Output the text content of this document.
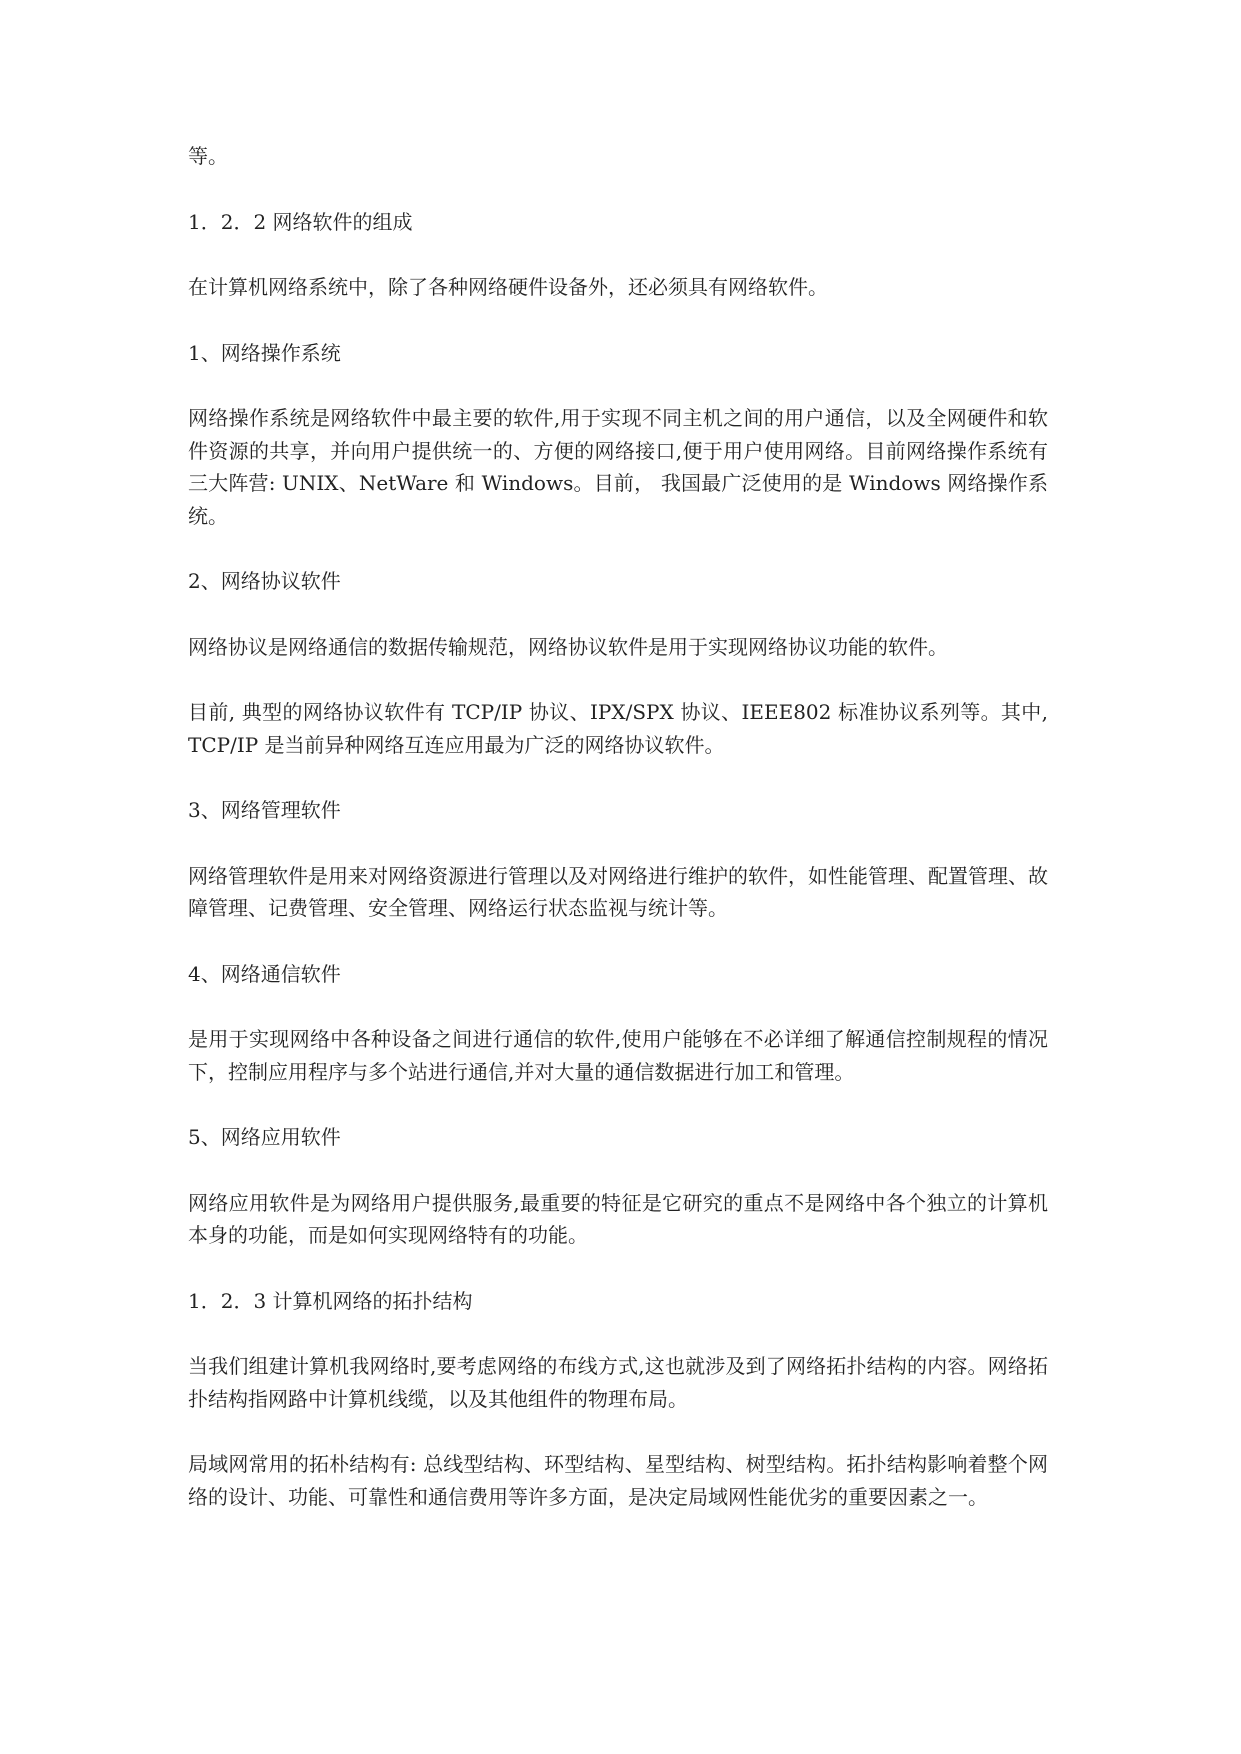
等。
1．2．2 网络软件的组成
在计算机网络系统中，除了各种网络硬件设备外，还必须具有网络软件。
1、网络操作系统
网络操作系统是网络软件中最主要的软件,用于实现不同主机之间的用户通信，以及全网硬件和软件资源的共享，并向用户提供统一的、方便的网络接口,便于用户使用网络。目前网络操作系统有三大阵营: UNIX、NetWare 和 Windows。目前， 我国最广泛使用的是 Windows 网络操作系统。
2、网络协议软件
网络协议是网络通信的数据传输规范，网络协议软件是用于实现网络协议功能的软件。
目前, 典型的网络协议软件有 TCP/IP 协议、IPX/SPX 协议、IEEE802 标准协议系列等。其中, TCP/IP 是当前异种网络互连应用最为广泛的网络协议软件。
3、网络管理软件
网络管理软件是用来对网络资源进行管理以及对网络进行维护的软件，如性能管理、配置管理、故障管理、记费管理、安全管理、网络运行状态监视与统计等。
4、网络通信软件
是用于实现网络中各种设备之间进行通信的软件,使用户能够在不必详细了解通信控制规程的情况下，控制应用程序与多个站进行通信,并对大量的通信数据进行加工和管理。
5、网络应用软件
网络应用软件是为网络用户提供服务,最重要的特征是它研究的重点不是网络中各个独立的计算机本身的功能，而是如何实现网络特有的功能。
1．2．3 计算机网络的拓扑结构
当我们组建计算机我网络时,要考虑网络的布线方式,这也就涉及到了网络拓扑结构的内容。网络拓扑结构指网路中计算机线缆，以及其他组件的物理布局。
局域网常用的拓朴结构有: 总线型结构、环型结构、星型结构、树型结构。拓扑结构影响着整个网络的设计、功能、可靠性和通信费用等许多方面，是决定局域网性能优劣的重要因素之一。
